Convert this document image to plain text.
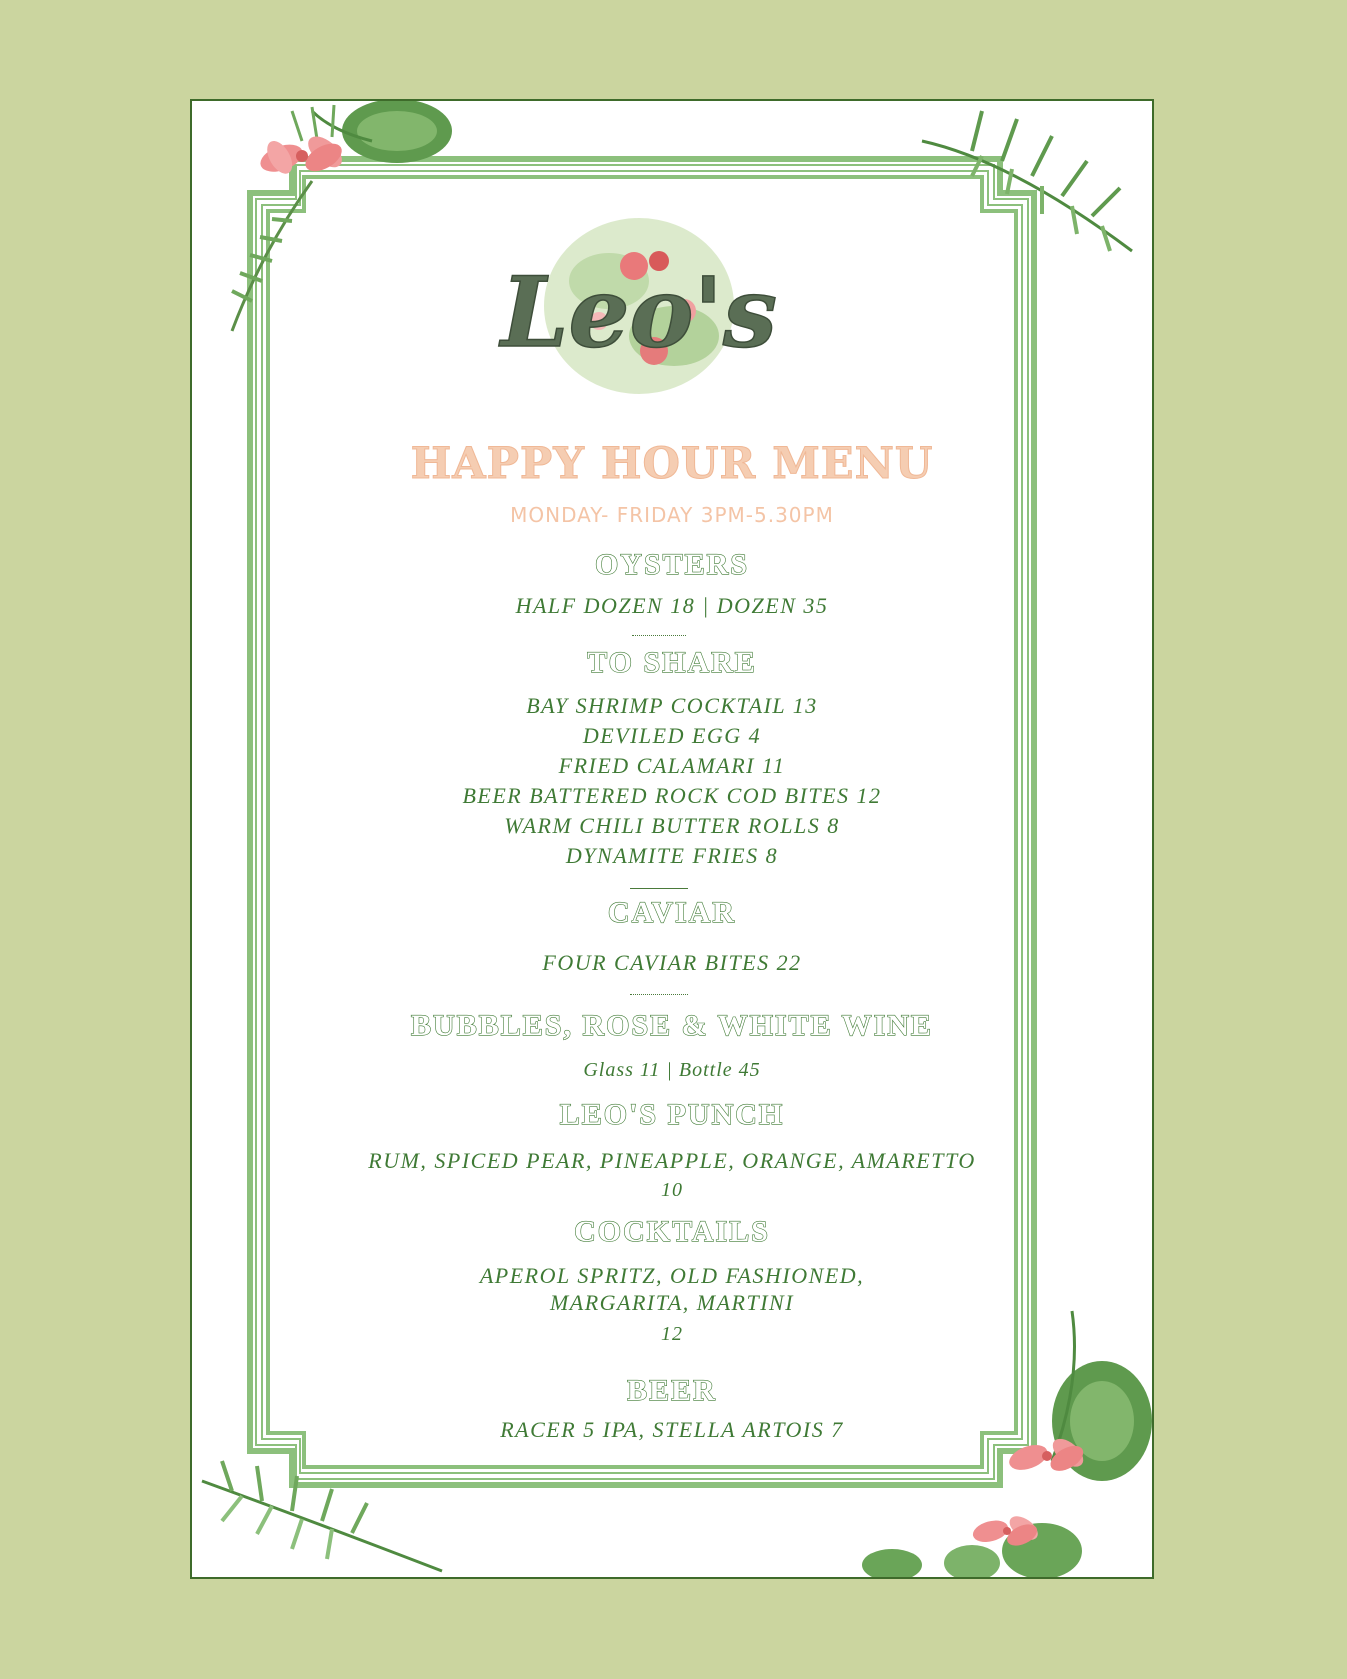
Leo's
HAPPY HOUR MENU
MONDAY- FRIDAY 3PM-5.30PM
OYSTERS
HALF DOZEN 18 | DOZEN 35
TO SHARE
BAY SHRIMP COCKTAIL 13
DEVILED EGG 4
FRIED CALAMARI 11
BEER BATTERED ROCK COD BITES 12
WARM CHILI BUTTER ROLLS 8
DYNAMITE FRIES 8
CAVIAR
FOUR CAVIAR BITES 22
BUBBLES, ROSE & WHITE WINE
Glass 11 | Bottle 45
LEO'S PUNCH
RUM, SPICED PEAR, PINEAPPLE, ORANGE, AMARETTO
10
COCKTAILS
APEROL SPRITZ, OLD FASHIONED,
MARGARITA, MARTINI
12
BEER
RACER 5 IPA, STELLA ARTOIS 7
